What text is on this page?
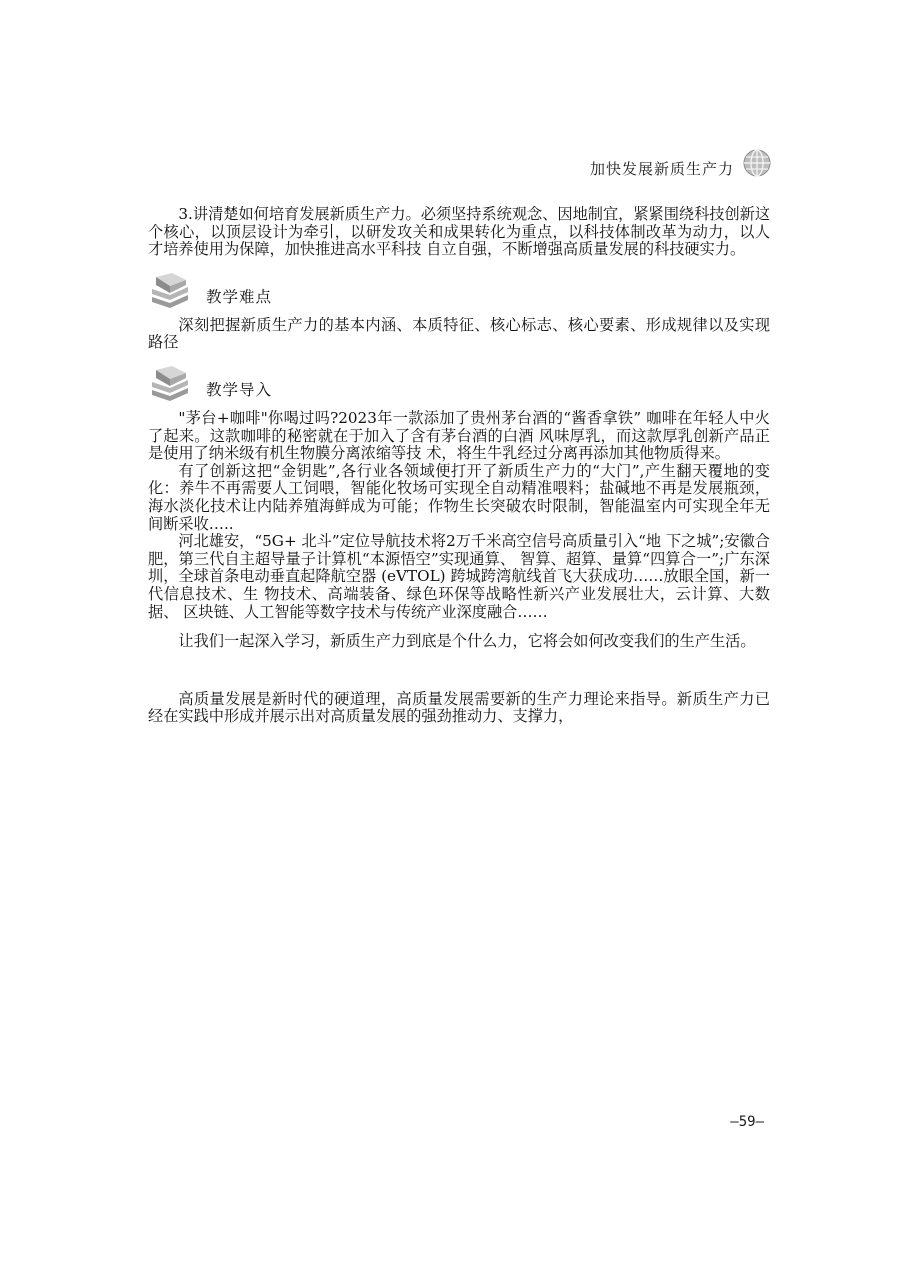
加快发展新质生产力

3.讲清楚如何培育发展新质生产力。必须坚持系统观念、因地制宜，紧紧围绕科技创新这个核心，以顶层设计为牵引，以研发攻关和成果转化为重点，以科技体制改革为动力，以人才培养使用为保障，加快推进高水平科技 自立自强，不断增强高质量发展的科技硬实力。

教学难点

深刻把握新质生产力的基本内涵、本质特征、核心标志、核心要素、形成规律以及实现路径

教学导入

"茅台+咖啡"你喝过吗?2023年一款添加了贵州茅台酒的“酱香拿铁” 咖啡在年轻人中火了起来。这款咖啡的秘密就在于加入了含有茅台酒的白酒 风味厚乳，而这款厚乳创新产品正是使用了纳米级有机生物膜分离浓缩等技 术，将生牛乳经过分离再添加其他物质得来。

有了创新这把“金钥匙”,各行业各领域便打开了新质生产力的“大门”,产生翻天覆地的变化：养牛不再需要人工饲喂，智能化牧场可实现全自动精准喂料；盐碱地不再是发展瓶颈，海水淡化技术让内陆养殖海鲜成为可能；作物生长突破农时限制，智能温室内可实现全年无间断采收…..

河北雄安，“5G+ 北斗”定位导航技术将2万千米高空信号高质量引入“地 下之城”;安徽合肥，第三代自主超导量子计算机“本源悟空”实现通算、 智算、超算、量算“四算合一”;广东深圳，全球首条电动垂直起降航空器 (eVTOL) 跨城跨湾航线首飞大获成功……放眼全国，新一代信息技术、生 物技术、高端装备、绿色环保等战略性新兴产业发展壮大，云计算、大数据、 区块链、人工智能等数字技术与传统产业深度融合……

让我们一起深入学习，新质生产力到底是个什么力，它将会如何改变我们的生产生活。

高质量发展是新时代的硬道理，高质量发展需要新的生产力理论来指导。新质生产力已经在实践中形成并展示出对高质量发展的强劲推动力、支撑力，

—59—
